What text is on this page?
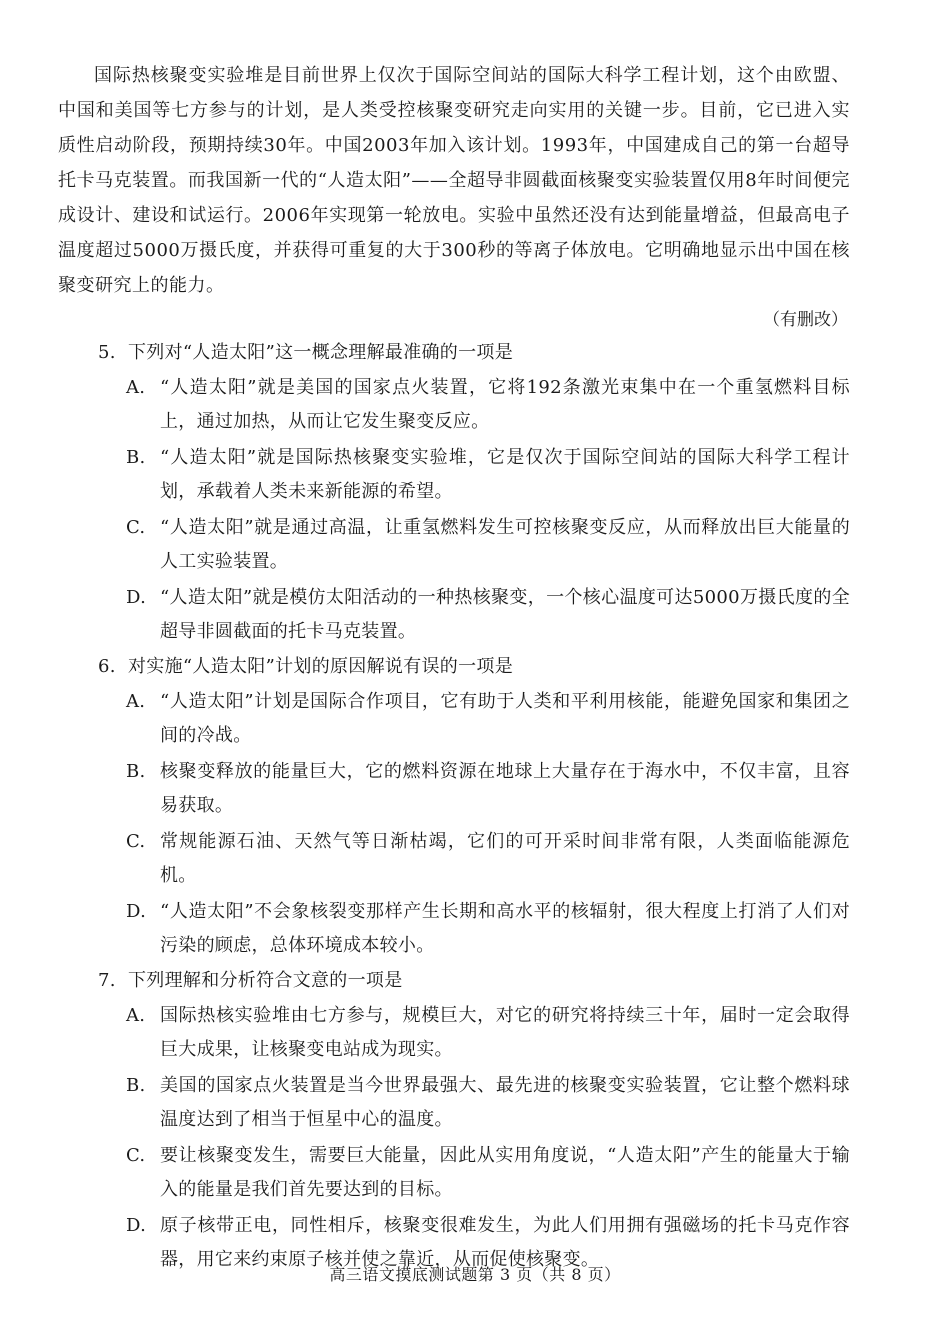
国际热核聚变实验堆是目前世界上仅次于国际空间站的国际大科学工程计划，这个由欧盟、中国和美国等七方参与的计划，是人类受控核聚变研究走向实用的关键一步。目前，它已进入实质性启动阶段，预期持续30年。中国2003年加入该计划。1993年，中国建成自己的第一台超导托卡马克装置。而我国新一代的“人造太阳”——全超导非圆截面核聚变实验装置仅用8年时间便完成设计、建设和试运行。2006年实现第一轮放电。实验中虽然还没有达到能量增益，但最高电子温度超过5000万摄氏度，并获得可重复的大于300秒的等离子体放电。它明确地显示出中国在核聚变研究上的能力。

（有删改）

5. 下列对“人造太阳”这一概念理解最准确的一项是

A. “人造太阳”就是美国的国家点火装置，它将192条激光束集中在一个重氢燃料目标上，通过加热，从而让它发生聚变反应。

B. “人造太阳”就是国际热核聚变实验堆，它是仅次于国际空间站的国际大科学工程计划，承载着人类未来新能源的希望。

C. “人造太阳”就是通过高温，让重氢燃料发生可控核聚变反应，从而释放出巨大能量的人工实验装置。

D. “人造太阳”就是模仿太阳活动的一种热核聚变，一个核心温度可达5000万摄氏度的全超导非圆截面的托卡马克装置。

6. 对实施“人造太阳”计划的原因解说有误的一项是

A. “人造太阳”计划是国际合作项目，它有助于人类和平利用核能，能避免国家和集团之间的冷战。

B. 核聚变释放的能量巨大，它的燃料资源在地球上大量存在于海水中，不仅丰富，且容易获取。

C. 常规能源石油、天然气等日渐枯竭，它们的可开采时间非常有限，人类面临能源危机。

D. “人造太阳”不会象核裂变那样产生长期和高水平的核辐射，很大程度上打消了人们对污染的顾虑，总体环境成本较小。

7. 下列理解和分析符合文意的一项是

A. 国际热核实验堆由七方参与，规模巨大，对它的研究将持续三十年，届时一定会取得巨大成果，让核聚变电站成为现实。

B. 美国的国家点火装置是当今世界最强大、最先进的核聚变实验装置，它让整个燃料球温度达到了相当于恒星中心的温度。

C. 要让核聚变发生，需要巨大能量，因此从实用角度说，“人造太阳”产生的能量大于输入的能量是我们首先要达到的目标。

D. 原子核带正电，同性相斥，核聚变很难发生，为此人们用拥有强磁场的托卡马克作容器，用它来约束原子核并使之靠近，从而促使核聚变。

高三语文摸底测试题第 3 页（共 8 页）
